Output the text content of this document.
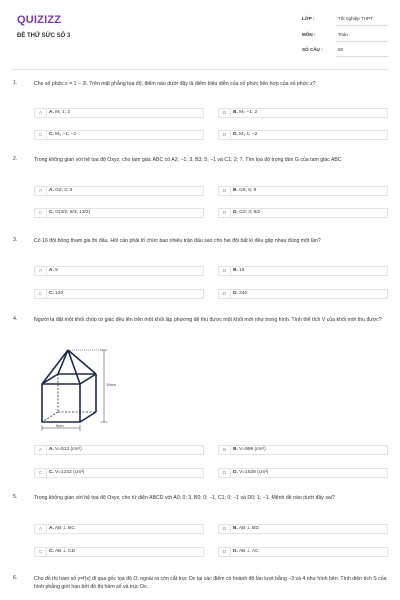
QUIZIZZ
ĐỀ THỬ SỨC SỐ 3
LỚP :	Tốt nghiệp THPT
MÔN :	Toán
SỐ CÂU :	50
1.	Cho số phức z = 1 − 2i. Trên mặt phẳng tọa độ, điểm nào dưới đây là điểm biểu diễn của số phức liên hợp của số phức z?
A	A. M₁ 1; 2	B	B. M₂ −1; 2
C	C. M₃ −1; −2	D	D. M₄ 1; −2
2.	Trong không gian với hệ tọa độ Oxyz, cho tam giác ABC có A2; −1; 3, B3; 5; −1 và C1; 2; 7. Tìm tọa độ trọng tâm G của tam giác ABC
A	A. G2; 2; 3	B	B. G6; 6; 9
C	C. G(3/2; 5/3; 13/2)	D	D. G3; 3; 9/2
3.	Có 16 đội bóng tham gia thi đấu. Hỏi cần phải tổ chức bao nhiêu trận đấu sao cho hai đội bất kì đều gặp nhau đúng một lần?
A	A. 8	B	B. 16
C	C. 120	D	D. 240
4.	Người ta đặt một khối chóp tứ giác đều lên trên một khối lập phương để thu được một khối mới như trong hình. Tính thể tích V của khối mới thu được?
19cm
9cm
A	A. V=513 (cm³)	B	B. V=999 (cm³)
C	C. V=1242 (cm³)	D	D. V=1539 (cm³)
5.	Trong không gian với hệ tọa độ Oxyz, cho tứ diện ABCD với A0; 0; 3, B0; 0; −1, C1; 0; −1 và D0; 1; −1. Mệnh đề nào dưới đây sai?
A	A. AB ⊥ BC	B	B. AB ⊥ BD
C	C. AB ⊥ CD	D	D. AB ⊥ AC
6.	Cho đồ thị hàm số y=f(x) đi qua gốc tọa độ O, ngoài ra còn cắt trục Ox tại các điểm có hoành độ lần lượt bằng −3 và 4 như hình bên. Tính diện tích S của hình phẳng giới hạn bởi đồ thị hàm số và trục Ox.
